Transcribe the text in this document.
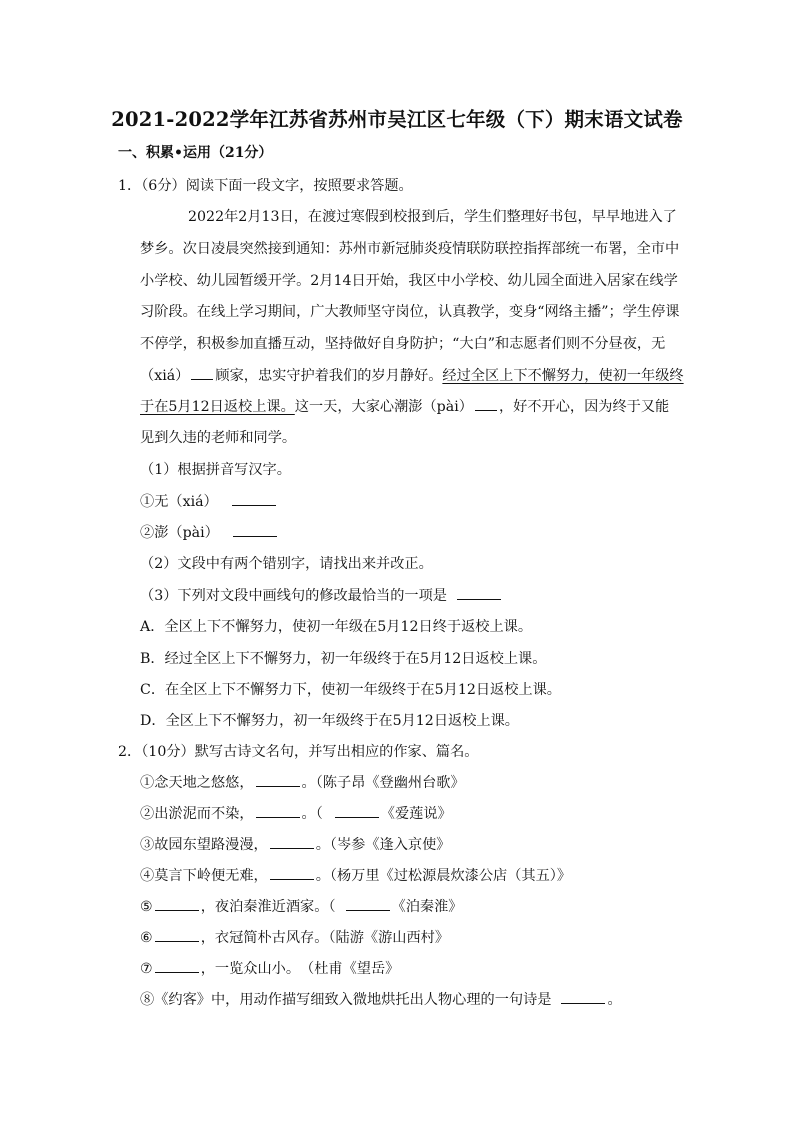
2021-2022学年江苏省苏州市吴江区七年级（下）期末语文试卷
一、积累•运用（21分）
1．（6分）阅读下面一段文字，按照要求答题。
2022年2月13日，在渡过寒假到校报到后，学生们整理好书包，早早地进入了
梦乡。次日凌晨突然接到通知：苏州市新冠肺炎疫情联防联控指挥部统一布署，全市中
小学校、幼儿园暂缓开学。2月14日开始，我区中小学校、幼儿园全面进入居家在线学
习阶段。在线上学习期间，广大教师坚守岗位，认真教学，变身“网络主播”；学生停课
不停学，积极参加直播互动，坚持做好自身防护；“大白”和志愿者们则不分昼夜，无
（xiá） 顾家，忠实守护着我们的岁月静好。经过全区上下不懈努力，使初一年级终
于在5月12日返校上课。这一天，大家心潮澎（pài） ，好不开心，因为终于又能
见到久违的老师和同学。
（1）根据拼音写汉字。
①无（xiá）
②澎（pài）
（2）文段中有两个错别字，请找出来并改正。
（3）下列对文段中画线句的修改最恰当的一项是
A．全区上下不懈努力，使初一年级在5月12日终于返校上课。
B．经过全区上下不懈努力，初一年级终于在5月12日返校上课。
C．在全区上下不懈努力下，使初一年级终于在5月12日返校上课。
D．全区上下不懈努力，初一年级终于在5月12日返校上课。
2．（10分）默写古诗文名句，并写出相应的作家、篇名。
①念天地之悠悠，	。（陈子昂《登幽州台歌》
②出淤泥而不染，	。（	《爱莲说》
③故园东望路漫漫，	。（岑参《逢入京使》
④莫言下岭便无难，	。（杨万里《过松源晨炊漆公店（其五）》
⑤	，夜泊秦淮近酒家。（	《泊秦淮》
⑥	，衣冠简朴古风存。（陆游《游山西村》
⑦	，一览众山小。　（杜甫《望岳》
⑧《约客》中，用动作描写细致入微地烘托出人物心理的一句诗是	。
